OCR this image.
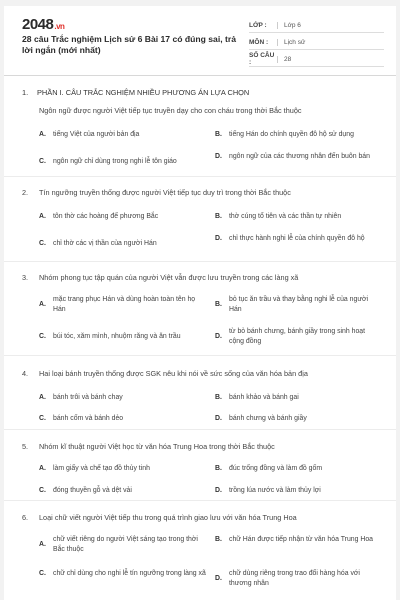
2048.vn
28 câu Trắc nghiệm Lịch sử 6 Bài 17 có đúng sai, trả lời ngắn (mới nhất)
LỚP :	Lớp 6
MÔN :	Lịch sử
SỐ CÂU :	28
1. PHẦN I. CÂU TRẮC NGHIỆM NHIỀU PHƯƠNG ÁN LỰA CHỌN
Ngôn ngữ được người Việt tiếp tục truyền dạy cho con cháu trong thời Bắc thuộc
A.	tiếng Việt của người bản địa	B.	tiếng Hán do chính quyền đô hộ sử dụng
C.	ngôn ngữ chỉ dùng trong nghi lễ tôn giáo
D.	ngôn ngữ của các thương nhân đến buôn bán
2.	Tín ngưỡng truyền thống được người Việt tiếp tục duy trì trong thời Bắc thuộc
A.	tôn thờ các hoàng đế phương Bắc	B.	thờ cúng tổ tiên và các thần tự nhiên
C.	chỉ thờ các vị thần của người Hán
D.	chỉ thực hành nghi lễ của chính quyền đô hộ
3.	Nhóm phong tục tập quán của người Việt vẫn được lưu truyền trong các làng xã
A.
mặc trang phục Hán và dùng hoàn toàn tên họ Hán
B.
bỏ tục ăn trầu và thay bằng nghi lễ của người Hán
C.	búi tóc, xăm mình, nhuộm răng và ăn trầu	D.
từ bỏ bánh chưng, bánh giầy trong sinh hoạt cộng đồng
4.	Hai loại bánh truyền thống được SGK nêu khi nói về sức sống của văn hóa bản địa
A.	bánh trôi và bánh chay	B.	bánh khảo và bánh gai
C.	bánh cốm và bánh dẻo	D.	bánh chưng và bánh giầy
5.	Nhóm kĩ thuật người Việt học từ văn hóa Trung Hoa trong thời Bắc thuộc
A.	làm giấy và chế tạo đồ thủy tinh	B.	đúc trống đồng và làm đồ gốm
C.	đóng thuyền gỗ và dệt vải	D.	trồng lúa nước và làm thủy lợi
6.	Loại chữ viết người Việt tiếp thu trong quá trình giao lưu với văn hóa Trung Hoa
A.
chữ viết riêng do người Việt sáng tạo trong thời Bắc thuộc
B.	chữ Hán được tiếp nhận từ văn hóa Trung Hoa
C.	chữ chỉ dùng cho nghi lễ tín ngưỡng trong làng xã
D.
chữ dùng riêng trong trao đổi hàng hóa với thương nhân
